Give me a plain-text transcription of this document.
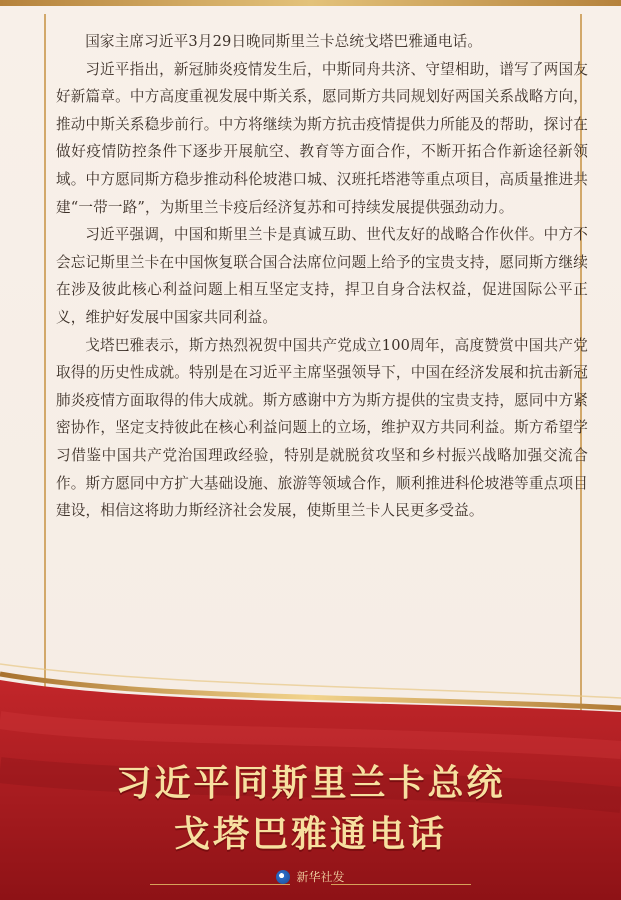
国家主席习近平3月29日晚同斯里兰卡总统戈塔巴雅通电话。

习近平指出，新冠肺炎疫情发生后，中斯同舟共济、守望相助，谱写了两国友好新篇章。中方高度重视发展中斯关系，愿同斯方共同规划好两国关系战略方向，推动中斯关系稳步前行。中方将继续为斯方抗击疫情提供力所能及的帮助，探讨在做好疫情防控条件下逐步开展航空、教育等方面合作，不断开拓合作新途径新领域。中方愿同斯方稳步推动科伦坡港口城、汉班托塔港等重点项目，高质量推进共建“一带一路”，为斯里兰卡疫后经济复苏和可持续发展提供强劲动力。

习近平强调，中国和斯里兰卡是真诚互助、世代友好的战略合作伙伴。中方不会忘记斯里兰卡在中国恢复联合国合法席位问题上给予的宝贵支持，愿同斯方继续在涉及彼此核心利益问题上相互坚定支持，捍卫自身合法权益，促进国际公平正义，维护好发展中国家共同利益。

戈塔巴雅表示，斯方热烈祝贺中国共产党成立100周年，高度赞赏中国共产党取得的历史性成就。特别是在习近平主席坚强领导下，中国在经济发展和抗击新冠肺炎疫情方面取得的伟大成就。斯方感谢中方为斯方提供的宝贵支持，愿同中方紧密协作，坚定支持彼此在核心利益问题上的立场，维护双方共同利益。斯方希望学习借鉴中国共产党治国理政经验，特别是就脱贫攻坚和乡村振兴战略加强交流合作。斯方愿同中方扩大基础设施、旅游等领域合作，顺利推进科伦坡港等重点项目建设，相信这将助力斯经济社会发展，使斯里兰卡人民更多受益。

习近平同斯里兰卡总统
戈塔巴雅通电话
新华社发
